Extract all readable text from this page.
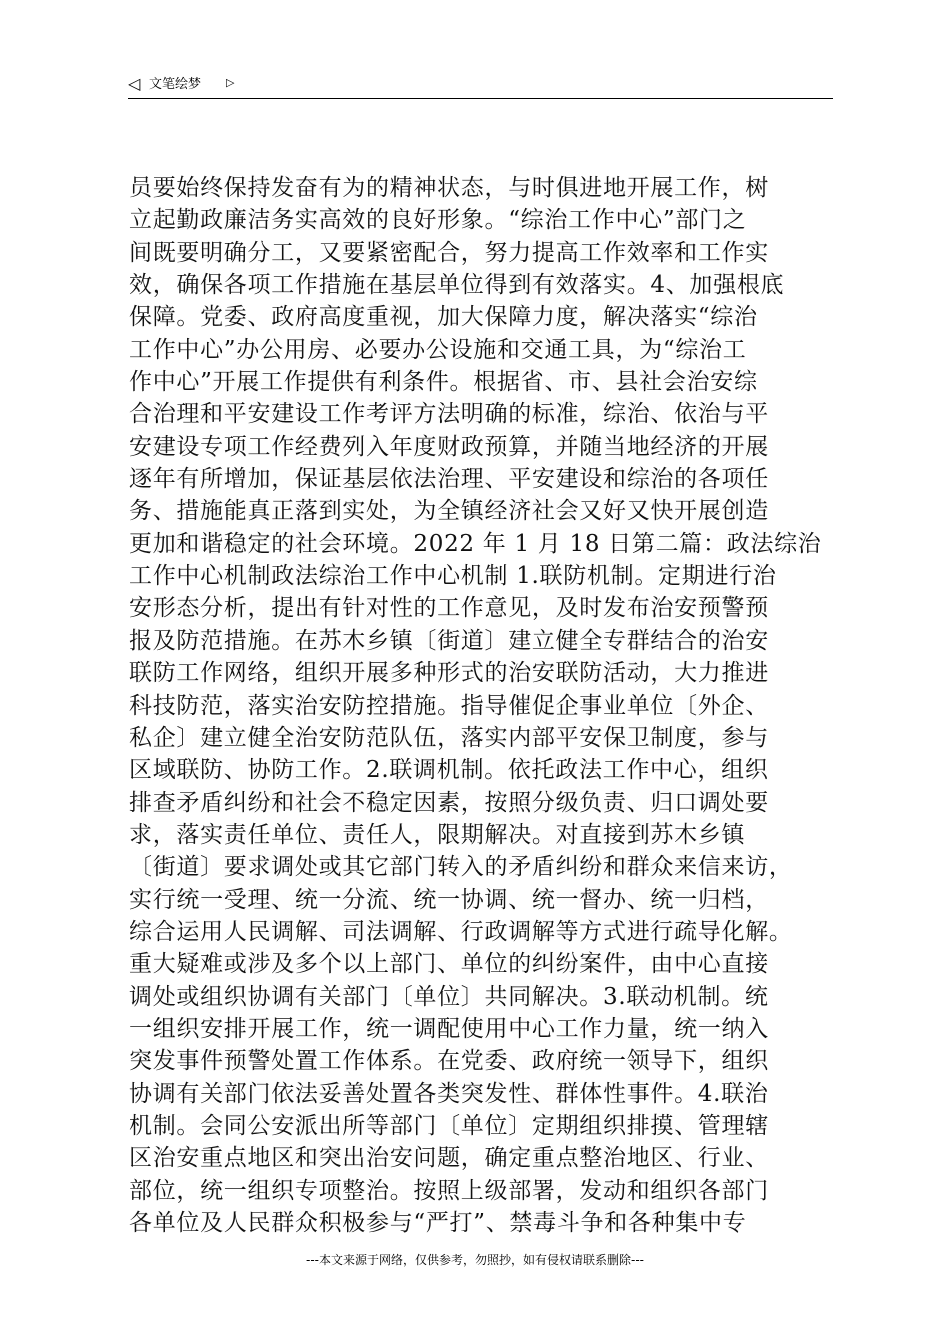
◁ 文笔绘梦 ▷
员要始终保持发奋有为的精神状态，与时俱进地开展工作，树
立起勤政廉洁务实高效的良好形象。“综治工作中心”部门之
间既要明确分工，又要紧密配合，努力提高工作效率和工作实
效，确保各项工作措施在基层单位得到有效落实。4、加强根底
保障。党委、政府高度重视，加大保障力度，解决落实“综治
工作中心”办公用房、必要办公设施和交通工具，为“综治工
作中心”开展工作提供有利条件。根据省、市、县社会治安综
合治理和平安建设工作考评方法明确的标准，综治、依治与平
安建设专项工作经费列入年度财政预算，并随当地经济的开展
逐年有所增加，保证基层依法治理、平安建设和综治的各项任
务、措施能真正落到实处，为全镇经济社会又好又快开展创造
更加和谐稳定的社会环境。2022 年 1 月 18 日第二篇：政法综治
工作中心机制政法综治工作中心机制 1.联防机制。定期进行治
安形态分析，提出有针对性的工作意见，及时发布治安预警预
报及防范措施。在苏木乡镇〔街道〕建立健全专群结合的治安
联防工作网络，组织开展多种形式的治安联防活动，大力推进
科技防范，落实治安防控措施。指导催促企事业单位〔外企、
私企〕建立健全治安防范队伍，落实内部平安保卫制度，参与
区域联防、协防工作。2.联调机制。依托政法工作中心，组织
排查矛盾纠纷和社会不稳定因素，按照分级负责、归口调处要
求，落实责任单位、责任人，限期解决。对直接到苏木乡镇
〔街道〕要求调处或其它部门转入的矛盾纠纷和群众来信来访，
实行统一受理、统一分流、统一协调、统一督办、统一归档，
综合运用人民调解、司法调解、行政调解等方式进行疏导化解。
重大疑难或涉及多个以上部门、单位的纠纷案件，由中心直接
调处或组织协调有关部门〔单位〕共同解决。3.联动机制。统
一组织安排开展工作，统一调配使用中心工作力量，统一纳入
突发事件预警处置工作体系。在党委、政府统一领导下，组织
协调有关部门依法妥善处置各类突发性、群体性事件。4.联治
机制。会同公安派出所等部门〔单位〕定期组织排摸、管理辖
区治安重点地区和突出治安问题，确定重点整治地区、行业、
部位，统一组织专项整治。按照上级部署，发动和组织各部门
各单位及人民群众积极参与“严打”、禁毒斗争和各种集中专
---本文来源于网络，仅供参考，勿照抄，如有侵权请联系删除---
